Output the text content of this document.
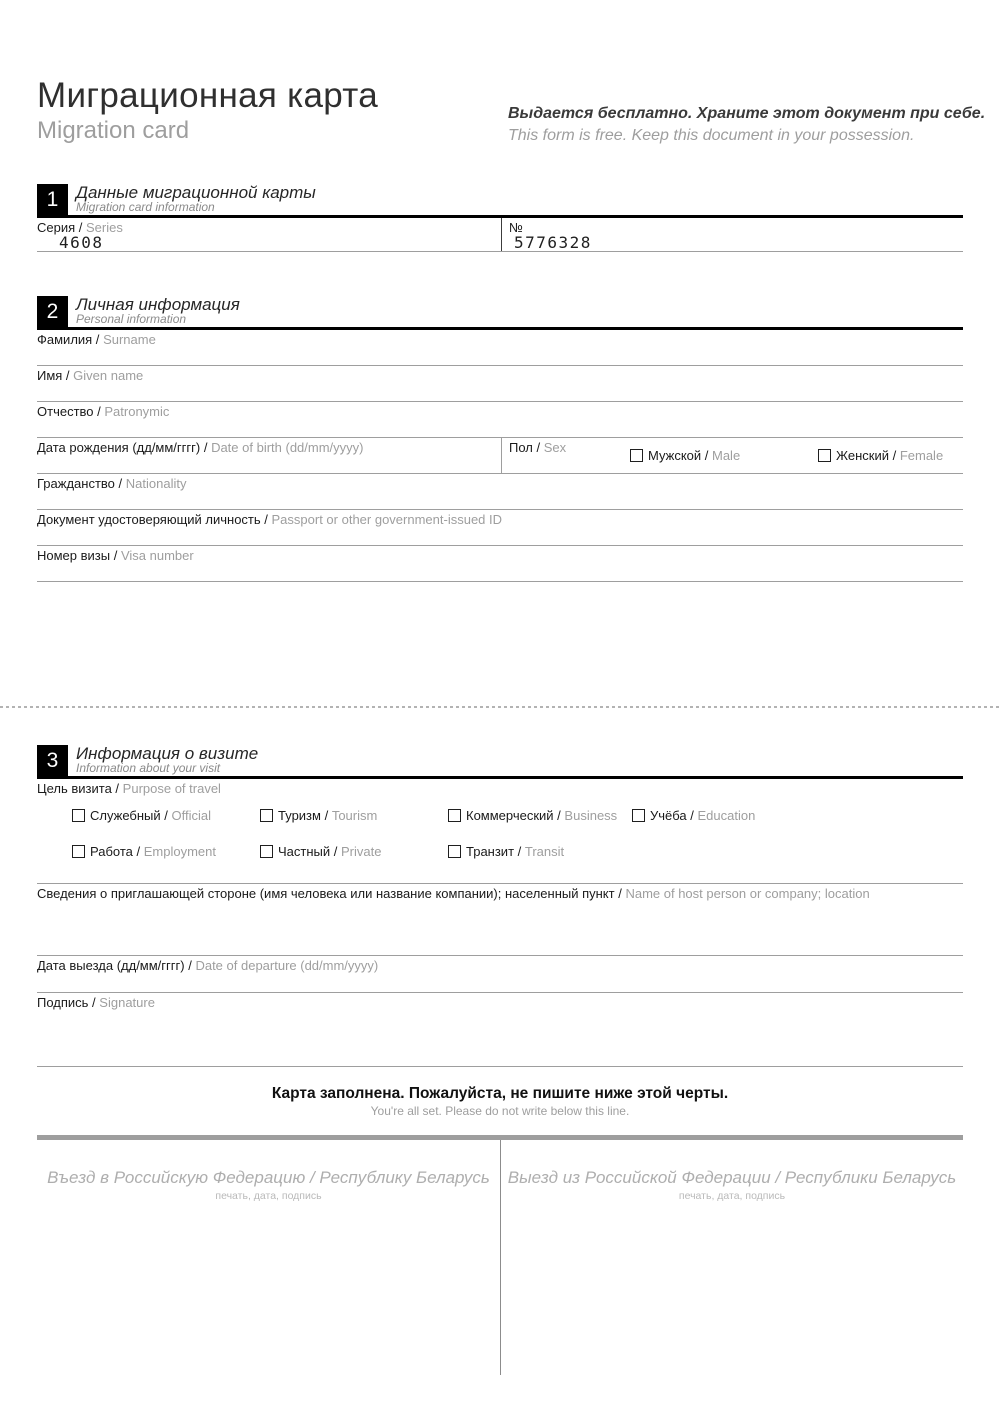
Миграционная карта
Migration card
Выдается бесплатно. Храните этот документ при себе.
This form is free. Keep this document in your possession.
1	Данные миграционной карты
Migration card information
Серия / Series
4608
№
5776328
2	Личная информация
Personal information
Фамилия / Surname
Имя / Given name
Отчество / Patronymic
Дата рождения (дд/мм/гггг) / Date of birth (dd/mm/yyyy)	Пол / Sex
Мужской / Male	Женский / Female
Гражданство / Nationality
Документ удостоверяющий личность / Passport or other government-issued ID
Номер визы / Visa number
3	Информация о визите
Information about your visit
Цель визита / Purpose of travel
Служебный / Official	Туризм / Tourism	Коммерческий / Business	Учёба / Education
Работа / Employment	Частный / Private	Транзит / Transit
Сведения о приглашающей стороне (имя человека или название компании); населенный пункт / Name of host person or company; location
Дата выезда (дд/мм/гггг) / Date of departure (dd/mm/yyyy)
Подпись / Signature
Карта заполнена. Пожалуйста, не пишите ниже этой черты.
You're all set. Please do not write below this line.
Въезд в Российскую Федерацию / Республику Беларусь
печать, дата, подпись
Выезд из Российской Федерации / Республики Беларусь
печать, дата, подпись
